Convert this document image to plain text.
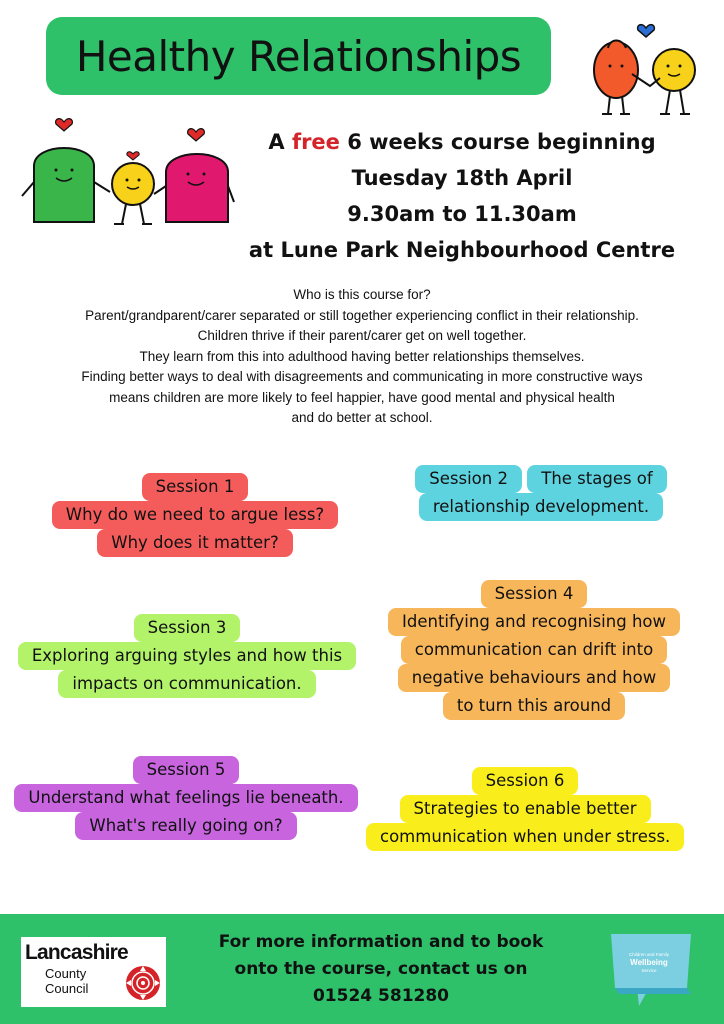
Healthy Relationships
A free 6 weeks course beginning
Tuesday 18th April
9.30am to 11.30am
at Lune Park Neighbourhood Centre
Who is this course for?
Parent/grandparent/carer separated or still together experiencing conflict in their relationship.
Children thrive if their parent/carer get on well together.
They learn from this into adulthood having better relationships themselves.
Finding better ways to deal with disagreements and communicating in more constructive ways
means children are more likely to feel happier, have good mental and physical health
and do better at school.
Session 1 Why do we need to argue less? Why does it matter?
Session 2 The stages of relationship development.
Session 3 Exploring arguing styles and how this impacts on communication.
Session 4 Identifying and recognising how communication can drift into negative behaviours and how to turn this around
Session 5 Understand what feelings lie beneath. What's really going on?
Session 6 Strategies to enable better communication when under stress.
Lancashire
County
Council
For more information and to book
onto the course, contact us on
01524 581280
Children and Family
Wellbeing
Service
